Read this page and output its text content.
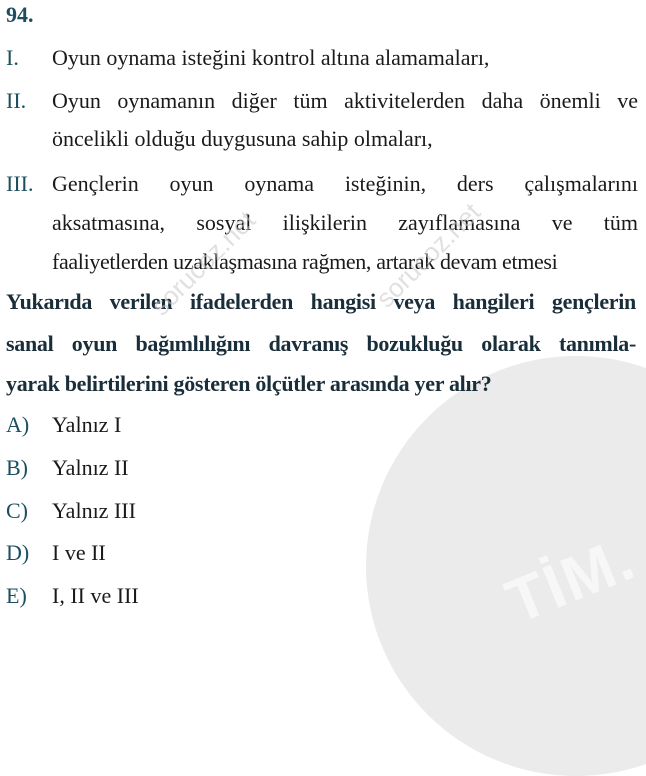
TİM.
94.
I. Oyun oynama isteğini kontrol altına alamamaları,
II. Oyun oynamanın diğer tüm aktivitelerden daha önemli ve
öncelikli olduğu duygusuna sahip olmaları,
III. Gençlerin oyun oynama isteğinin, ders çalışmalarını
aksatmasına, sosyal ilişkilerin zayıflamasına ve tüm
faaliyetlerden uzaklaşmasına rağmen, artarak devam etmesi
Yukarıda verilen ifadelerden hangisi veya hangileri gençlerin
sanal oyun bağımlılığını davranış bozukluğu olarak tanımla-
yarak belirtilerini gösteren ölçütler arasında yer alır?
A) Yalnız I
B) Yalnız II
C) Yalnız III
D) I ve II
E) I, II ve III
sorucoz.net	sorucoz.net
